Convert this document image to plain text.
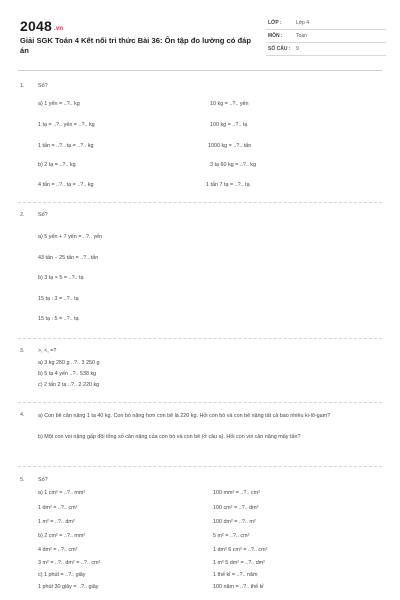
2048 .vn
Giải SGK Toán 4 Kết nối tri thức Bài 36: Ôn tập đo lường có đáp án
LỚP :	Lớp 4
MÔN :	Toán
SỐ CÂU : 9
1.	Số?
a) 1 yến = ..?.. kg
1 tạ = ..?.. yến = ..?.. kg
1 tấn = ..?.. tạ = ..?.. kg
b) 2 tạ = ..?.. kg
4 tấn = ..?.. tạ = ..?.. kg
10 kg = ..?.. yến
100 kg = ..?.. tạ
1000 kg = ..?.. tấn
3 tạ 60 kg = ..?.. kg
1 tấn 7 tạ = ..?.. tạ
2.	Số?
a) 5 yến + 7 yến = ..?.. yến
43 tấn − 25 tấn = ..?.. tấn
b) 3 tạ × 5 = ..?.. tạ
15 tạ : 3 = ..?.. tạ
15 tạ : 5 = ..?.. tạ
3.	>, <, =?
a) 3 kg 250 g ..?.. 3 250 g
b) 5 tạ 4 yến ..?.. 538 kg
c) 2 tấn 2 tạ ..?.. 2 220 kg
4.	a) Con bê cân nặng 1 tạ 40 kg. Con bò nặng hơn con bê là 220 kg. Hỏi con bò và con bê nặng tất cả bao nhiêu ki-lô-gam?
b) Một con voi nặng gấp đôi tổng số cân nặng của con bò và con bê (ở câu a). Hỏi con voi cân nặng mấy tấn?
5.	Số?
a) 1 cm² = ..?.. mm²
1 dm² = ..?.. cm²
1 m² = ..?.. dm²
b) 2 cm² = ..?.. mm²
4 dm² = ..?.. cm²
3 m² = ..?.. dm² = ..?.. cm²
c) 1 phút = ..?.. giây
1 phút 30 giây = ..?.. giây
100 mm² = ..?.. cm²
100 cm² = ..?.. dm²
100 dm² = ..?.. m²
5 m² = ..?.. cm²
1 dm² 6 cm² = ..?.. cm²
1 m² 5 dm² = ..?.. dm²
1 thế kỉ = ..?.. năm
100 năm = ..?.. thế kỉ
